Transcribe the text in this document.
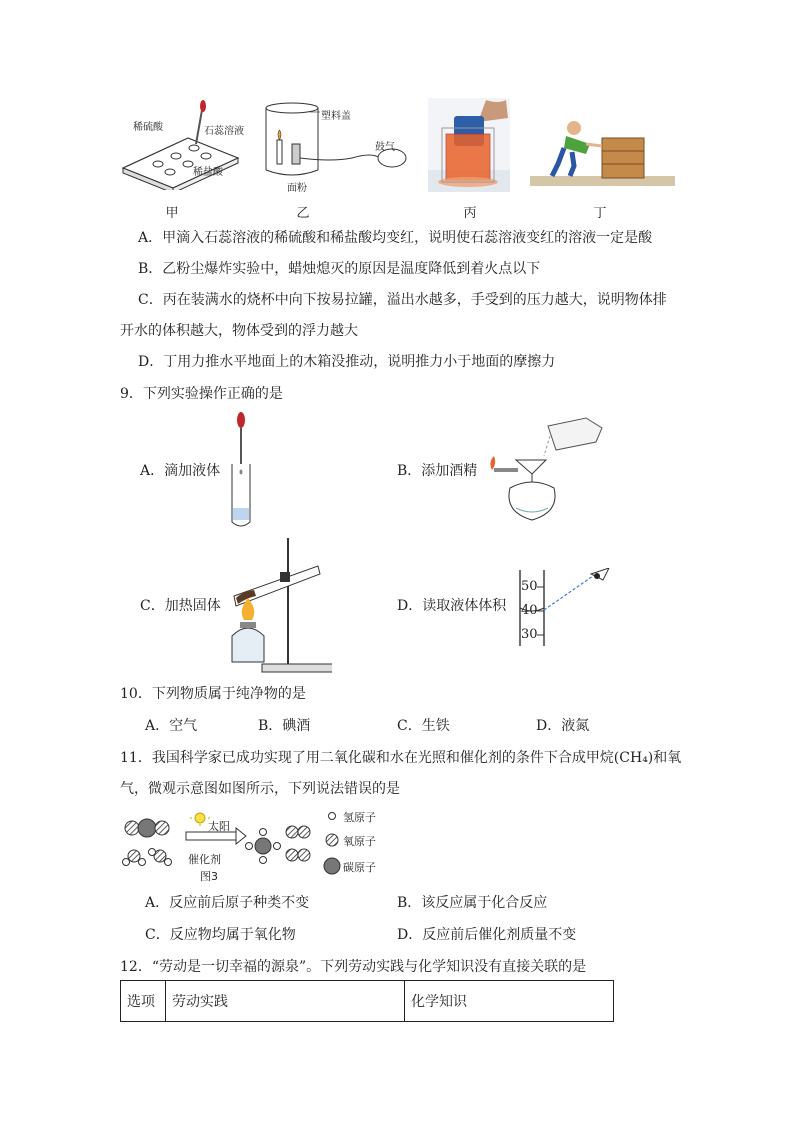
稀硫酸	石蕊溶液
稀盐酸
塑料盖
鼓气
面粉
甲	乙	丙	丁
A．甲滴入石蕊溶液的稀硫酸和稀盐酸均变红，说明使石蕊溶液变红的溶液一定是酸
B．乙粉尘爆炸实验中，蜡烛熄灭的原因是温度降低到着火点以下
C．丙在装满水的烧杯中向下按易拉罐，溢出水越多，手受到的压力越大，说明物体排
开水的体积越大，物体受到的浮力越大
D．丁用力推水平地面上的木箱没推动，说明推力小于地面的摩擦力
9．下列实验操作正确的是
A．滴加液体	B．添加酒精
C．加热固体	D．读取液体体积
50
40
30
10．下列物质属于纯净物的是
A．空气	B．碘酒	C．生铁	D．液氮
11．我国科学家已成功实现了用二氧化碳和水在光照和催化剂的条件下合成甲烷(CH₄)和氧
气，微观示意图如图所示，下列说法错误的是
太阳
催化剂
图3
氢原子
氧原子
碳原子
A．反应前后原子种类不变	B．该反应属于化合反应
C．反应物均属于氧化物	D．反应前后催化剂质量不变
12．“劳动是一切幸福的源泉”。下列劳动实践与化学知识没有直接关联的是
选项	劳动实践	化学知识
